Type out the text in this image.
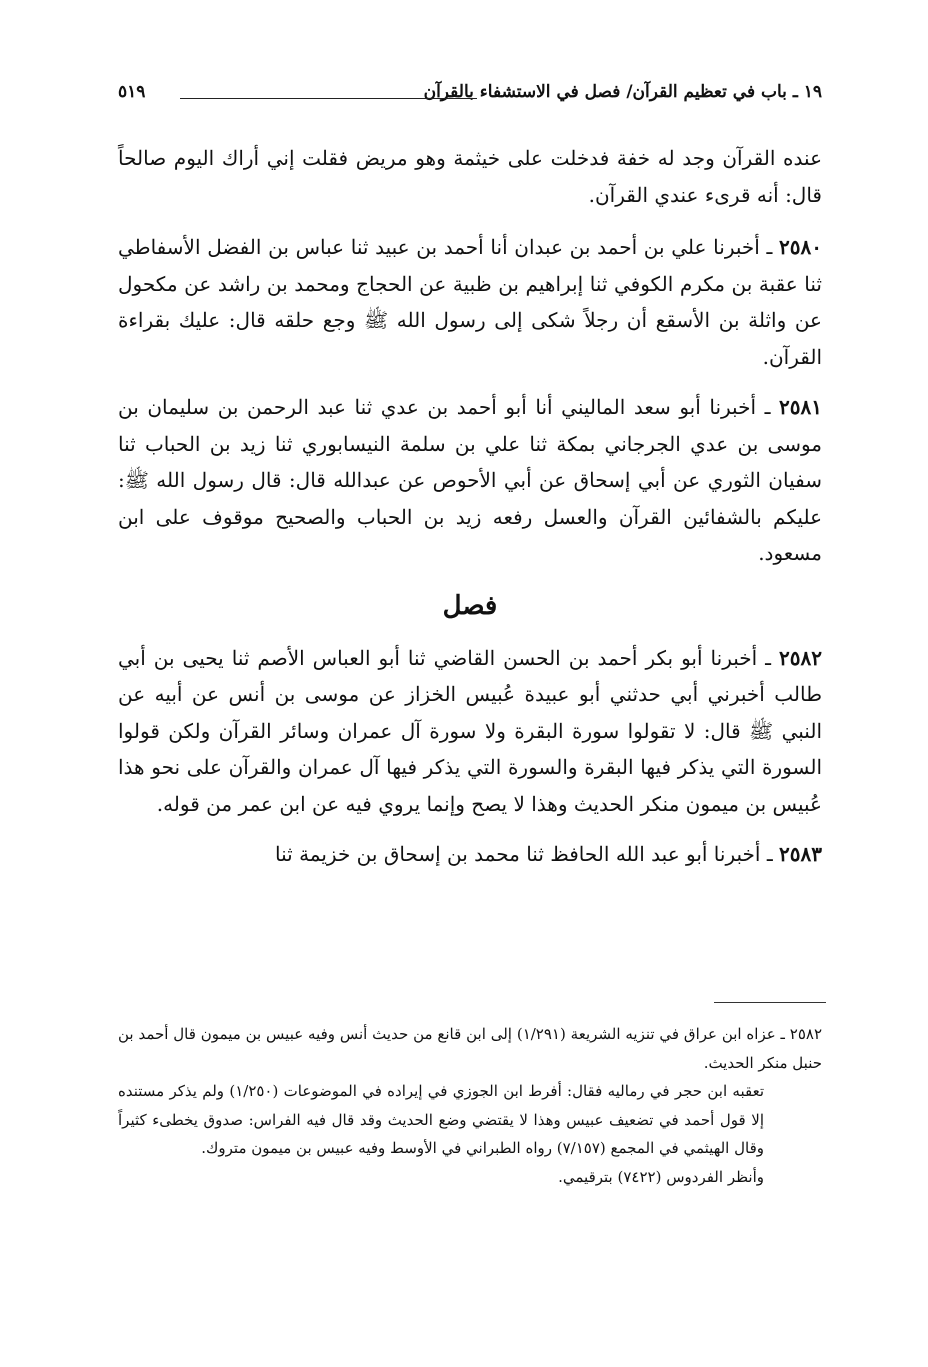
١٩ ـ باب في تعظيم القرآن/ فصل في الاستشفاء بالقرآن
٥١٩

عنده القرآن وجد له خفة فدخلت على خيثمة وهو مريض فقلت إني أراك اليوم صالحاً قال: أنه قرىء عندي القرآن.

٢٥٨٠ ـ أخبرنا علي بن أحمد بن عبدان أنا أحمد بن عبيد ثنا عباس بن الفضل الأسفاطي ثنا عقبة بن مكرم الكوفي ثنا إبراهيم بن ظبية عن الحجاج ومحمد بن راشد عن مكحول عن واثلة بن الأسقع أن رجلاً شكى إلى رسول الله ﷺ وجع حلقه قال: عليك بقراءة القرآن.

٢٥٨١ ـ أخبرنا أبو سعد الماليني أنا أبو أحمد بن عدي ثنا عبد الرحمن بن سليمان بن موسى بن عدي الجرجاني بمكة ثنا علي بن سلمة النيسابوري ثنا زيد بن الحباب ثنا سفيان الثوري عن أبي إسحاق عن أبي الأحوص عن عبدالله قال: قال رسول الله ﷺ: عليكم بالشفائين القرآن والعسل رفعه زيد بن الحباب والصحيح موقوف على ابن مسعود.

فصل

٢٥٨٢ ـ أخبرنا أبو بكر أحمد بن الحسن القاضي ثنا أبو العباس الأصم ثنا يحيى بن أبي طالب أخبرني أبي حدثني أبو عبيدة عُبيس الخزاز عن موسى بن أنس عن أبيه عن النبي ﷺ قال: لا تقولوا سورة البقرة ولا سورة آل عمران وسائر القرآن ولكن قولوا السورة التي يذكر فيها البقرة والسورة التي يذكر فيها آل عمران والقرآن على نحو هذا عُبيس بن ميمون منكر الحديث وهذا لا يصح وإنما يروي فيه عن ابن عمر من قوله.

٢٥٨٣ ـ أخبرنا أبو عبد الله الحافظ ثنا محمد بن إسحاق بن خزيمة ثنا

٢٥٨٢ ـ عزاه ابن عراق في تنزيه الشريعة (١/٢٩١) إلى ابن قانع من حديث أنس وفيه عبيس بن ميمون قال أحمد بن حنبل منكر الحديث.

تعقبه ابن حجر في رماليه فقال: أفرط ابن الجوزي في إيراده في الموضوعات (١/٢٥٠) ولم يذكر مستنده إلا قول أحمد في تضعيف عبيس وهذا لا يقتضي وضع الحديث وقد قال فيه الفراس: صدوق يخطىء كثيراً وقال الهيثمي في المجمع (٧/١٥٧) رواه الطبراني في الأوسط وفيه عبيس بن ميمون متروك.

وأنظر الفردوس (٧٤٢٢) بترقيمي.
